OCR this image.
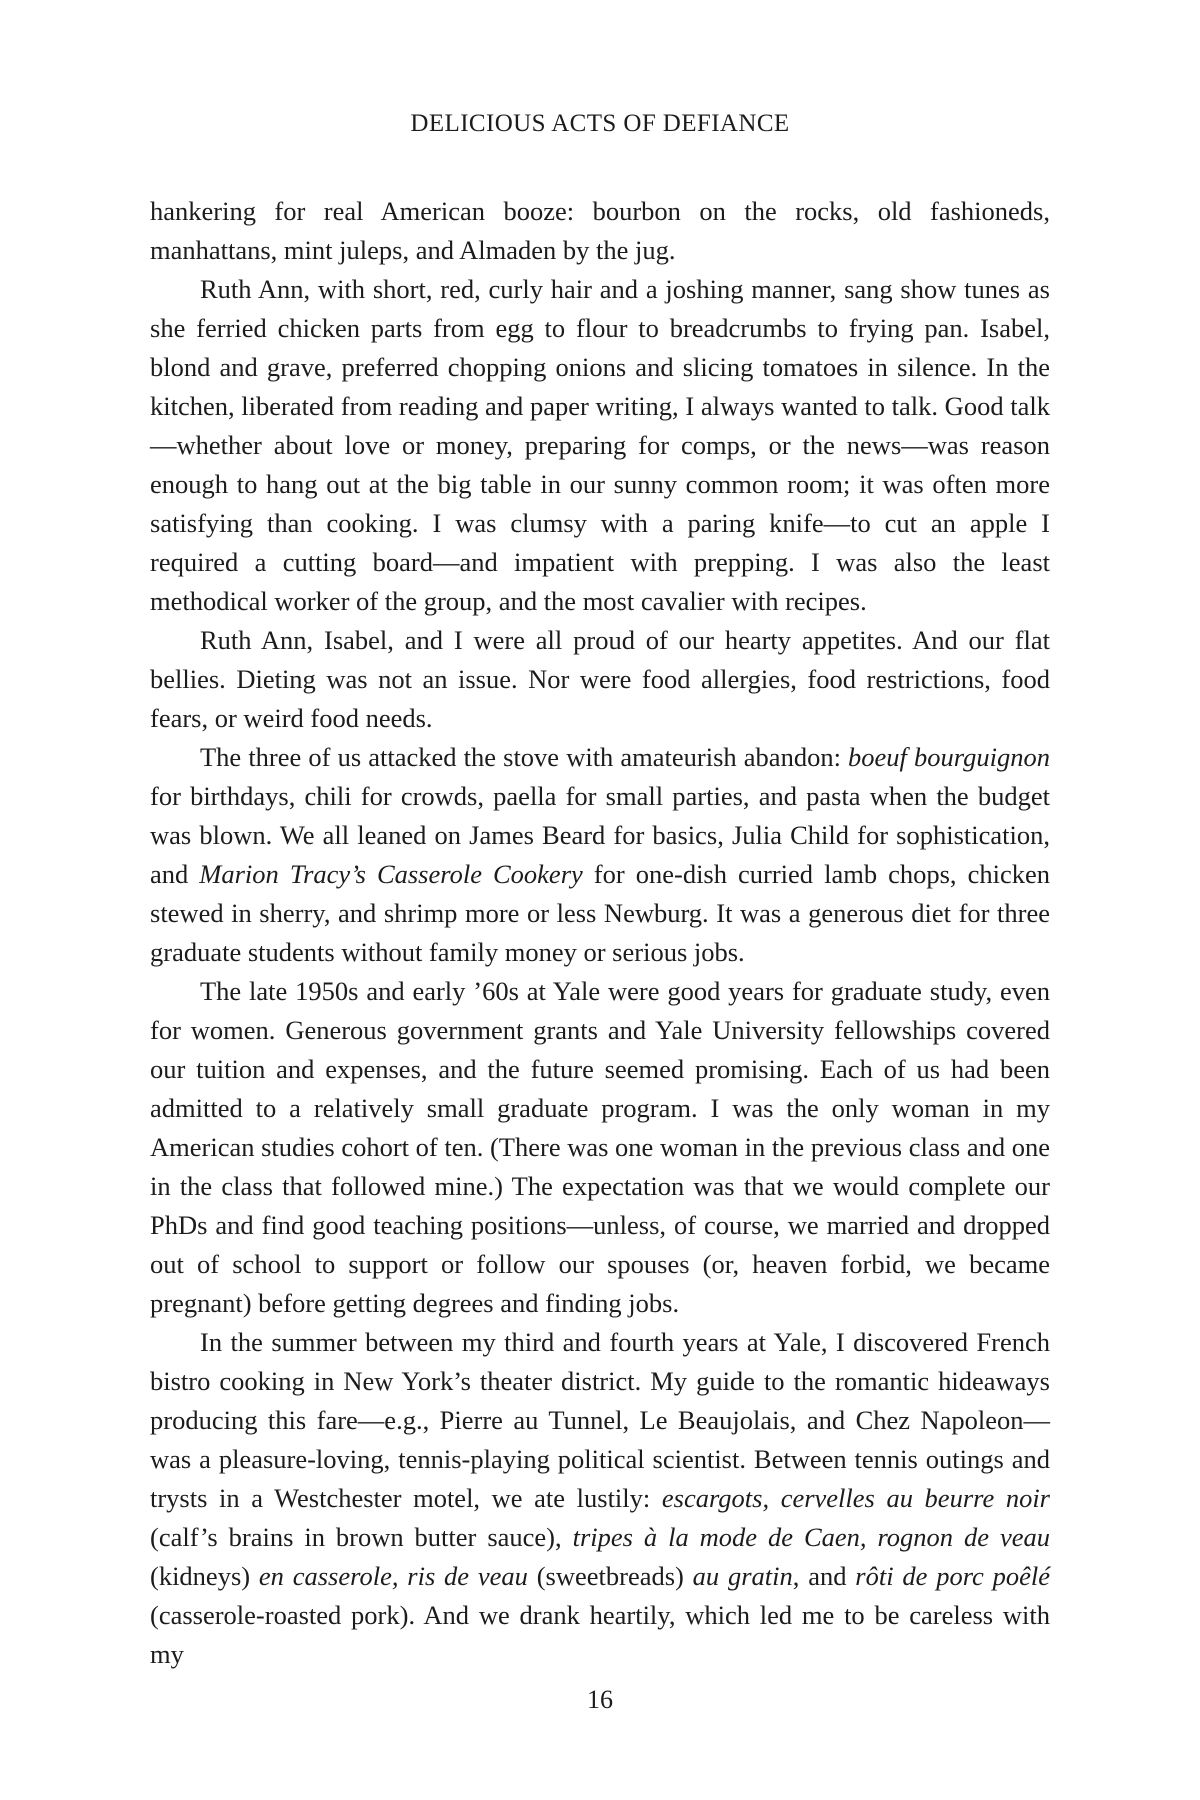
DELICIOUS ACTS OF DEFIANCE

hankering for real American booze: bourbon on the rocks, old fashioneds, manhattans, mint juleps, and Almaden by the jug.

Ruth Ann, with short, red, curly hair and a joshing manner, sang show tunes as she ferried chicken parts from egg to flour to breadcrumbs to frying pan. Isabel, blond and grave, preferred chopping onions and slicing tomatoes in silence. In the kitchen, liberated from reading and paper writing, I always wanted to talk. Good talk—whether about love or money, preparing for comps, or the news—was reason enough to hang out at the big table in our sunny common room; it was often more satisfying than cooking. I was clumsy with a paring knife—to cut an apple I required a cutting board—and impatient with prepping. I was also the least methodical worker of the group, and the most cavalier with recipes.

Ruth Ann, Isabel, and I were all proud of our hearty appetites. And our flat bellies. Dieting was not an issue. Nor were food allergies, food restrictions, food fears, or weird food needs.

The three of us attacked the stove with amateurish abandon: boeuf bourguignon for birthdays, chili for crowds, paella for small parties, and pasta when the budget was blown. We all leaned on James Beard for basics, Julia Child for sophistication, and Marion Tracy’s Casserole Cookery for one-dish curried lamb chops, chicken stewed in sherry, and shrimp more or less Newburg. It was a generous diet for three graduate students without family money or serious jobs.

The late 1950s and early ’60s at Yale were good years for graduate study, even for women. Generous government grants and Yale University fellowships covered our tuition and expenses, and the future seemed promising. Each of us had been admitted to a relatively small graduate program. I was the only woman in my American studies cohort of ten. (There was one woman in the previous class and one in the class that followed mine.) The expectation was that we would complete our PhDs and find good teaching positions—unless, of course, we married and dropped out of school to support or follow our spouses (or, heaven forbid, we became pregnant) before getting degrees and finding jobs.

In the summer between my third and fourth years at Yale, I discovered French bistro cooking in New York’s theater district. My guide to the romantic hideaways producing this fare—e.g., Pierre au Tunnel, Le Beaujolais, and Chez Napoleon—was a pleasure-loving, tennis-playing political scientist. Between tennis outings and trysts in a Westchester motel, we ate lustily: escargots, cervelles au beurre noir (calf’s brains in brown butter sauce), tripes à la mode de Caen, rognon de veau (kidneys) en casserole, ris de veau (sweetbreads) au gratin, and rôti de porc poêlé (casserole-roasted pork). And we drank heartily, which led me to be careless with my

16
